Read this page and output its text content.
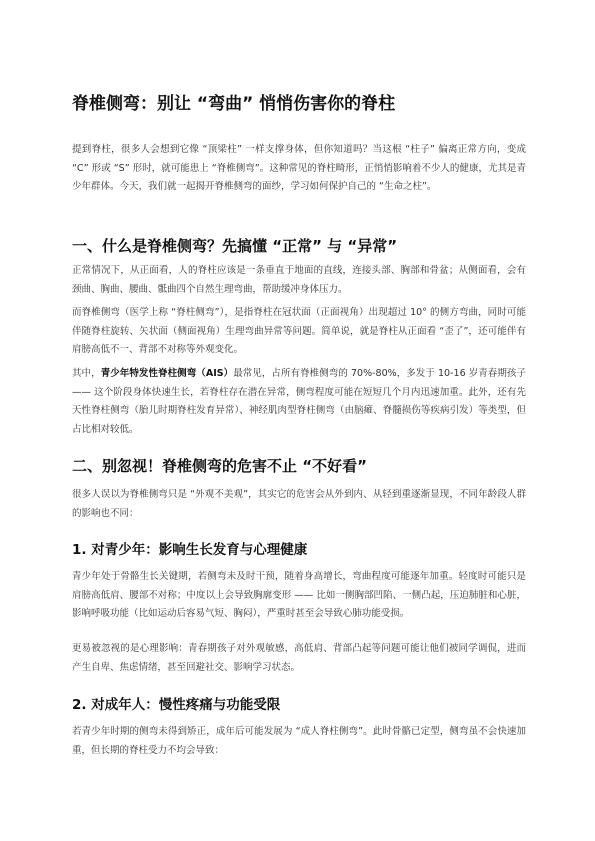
脊椎侧弯：别让 “弯曲” 悄悄伤害你的脊柱

提到脊柱，很多人会想到它像 “顶梁柱” 一样支撑身体，但你知道吗？当这根 “柱子” 偏离正常方向，变成 “C” 形或 “S” 形时，就可能患上 “脊椎侧弯”。这种常见的脊柱畸形，正悄悄影响着不少人的健康，尤其是青少年群体。今天，我们就一起揭开脊椎侧弯的面纱，学习如何保护自己的 “生命之柱”。

一、什么是脊椎侧弯？先搞懂 “正常” 与 “异常”

正常情况下，从正面看，人的脊柱应该是一条垂直于地面的直线，连接头部、胸部和骨盆；从侧面看，会有颈曲、胸曲、腰曲、骶曲四个自然生理弯曲，帮助缓冲身体压力。

而脊椎侧弯（医学上称 “脊柱侧弯”），是指脊柱在冠状面（正面视角）出现超过 10° 的侧方弯曲，同时可能伴随脊柱旋转、矢状面（侧面视角）生理弯曲异常等问题。简单说，就是脊柱从正面看 “歪了”，还可能伴有肩膀高低不一、背部不对称等外观变化。

其中，青少年特发性脊柱侧弯（AIS）最常见，占所有脊椎侧弯的 70%-80%，多发于 10-16 岁青春期孩子 —— 这个阶段身体快速生长，若脊柱存在潜在异常，侧弯程度可能在短短几个月内迅速加重。此外，还有先天性脊柱侧弯（胎儿时期脊柱发育异常）、神经肌肉型脊柱侧弯（由脑瘫、脊髓损伤等疾病引发）等类型，但占比相对较低。

二、别忽视！脊椎侧弯的危害不止 “不好看”

很多人误以为脊椎侧弯只是 “外观不美观”，其实它的危害会从外到内、从轻到重逐渐显现，不同年龄段人群的影响也不同：

1. 对青少年：影响生长发育与心理健康

青少年处于骨骼生长关键期，若侧弯未及时干预，随着身高增长，弯曲程度可能逐年加重。轻度时可能只是肩膀高低肩、腰部不对称；中度以上会导致胸廓变形 —— 比如一侧胸部凹陷、一侧凸起，压迫肺脏和心脏，影响呼吸功能（比如运动后容易气短、胸闷），严重时甚至会导致心肺功能受损。

更易被忽视的是心理影响：青春期孩子对外观敏感，高低肩、背部凸起等问题可能让他们被同学调侃，进而产生自卑、焦虑情绪，甚至回避社交、影响学习状态。

2. 对成年人：慢性疼痛与功能受限

若青少年时期的侧弯未得到矫正，成年后可能发展为 “成人脊柱侧弯”。此时骨骼已定型，侧弯虽不会快速加重，但长期的脊柱受力不均会导致：
